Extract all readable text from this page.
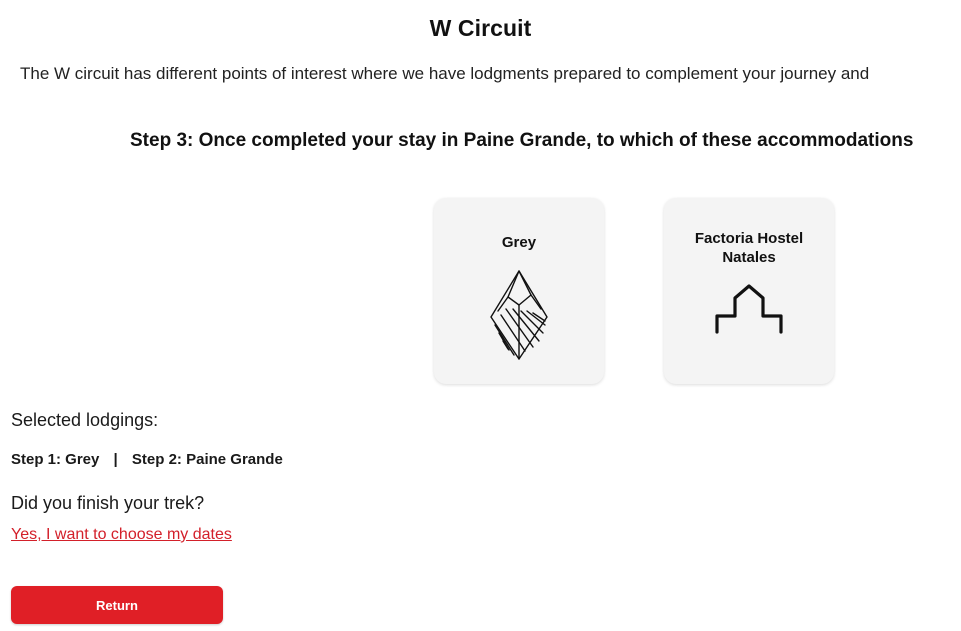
W Circuit
The W circuit has different points of interest where we have lodgments prepared to complement your journey and
Step 3: Once completed your stay in Paine Grande, to which of these accommodations
Grey	Factoria Hostel Natales
Selected lodgings:
Step 1: Grey | Step 2: Paine Grande
Did you finish your trek?
Yes, I want to choose my dates
Return
